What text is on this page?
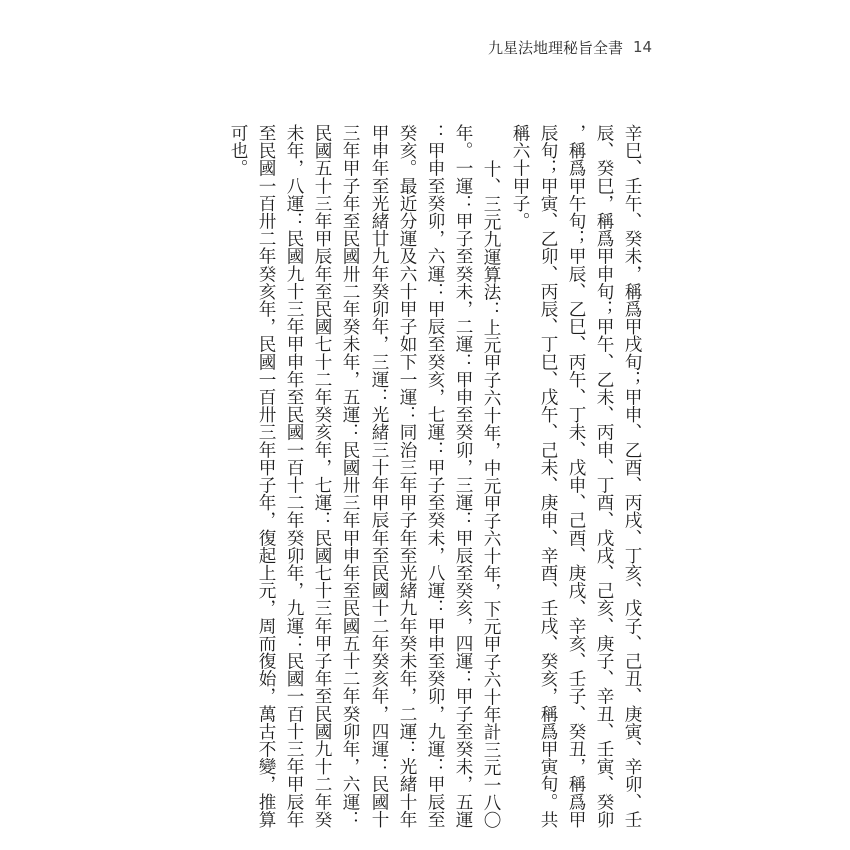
九星法地理秘旨全書 14
辛巳、壬午、癸未，稱爲甲戌旬；甲申、乙酉、丙戌、丁亥、戊子、己丑、庚寅、辛卯、壬
辰、癸巳，稱爲甲申旬；甲午、乙未、丙申、丁酉、戊戌、己亥、庚子、辛丑、壬寅、癸卯
，稱爲甲午旬；甲辰、乙巳、丙午、丁未、戊申、己酉、庚戌、辛亥、壬子、癸丑，稱爲甲
辰旬；甲寅、乙卯、丙辰、丁巳、戊午、己未、庚申、辛酉、壬戌、癸亥，稱爲甲寅旬。共
稱六十甲子。
十、三元九運算法：上元甲子六十年，中元甲子六十年，下元甲子六十年計三元一八〇
年。一運：甲子至癸未，二運：甲申至癸卯，三運：甲辰至癸亥，四運：甲子至癸未，五運
：甲申至癸卯，六運：甲辰至癸亥，七運：甲子至癸未，八運：甲申至癸卯，九運：甲辰至
癸亥。最近分運及六十甲子如下一運：同治三年甲子年至光緒九年癸未年，二運：光緒十年
甲申年至光緒廿九年癸卯年，三運：光緒三十年甲辰年至民國十二年癸亥年，四運：民國十
三年甲子年至民國卅二年癸未年，五運：民國卅三年甲申年至民國五十二年癸卯年，六運：
民國五十三年甲辰年至民國七十二年癸亥年，七運：民國七十三年甲子年至民國九十二年癸
未年，八運：民國九十三年甲申年至民國一百十二年癸卯年，九運：民國一百十三年甲辰年
至民國一百卅二年癸亥年，民國一百卅三年甲子年，復起上元，周而復始，萬古不變，推算
可也。
